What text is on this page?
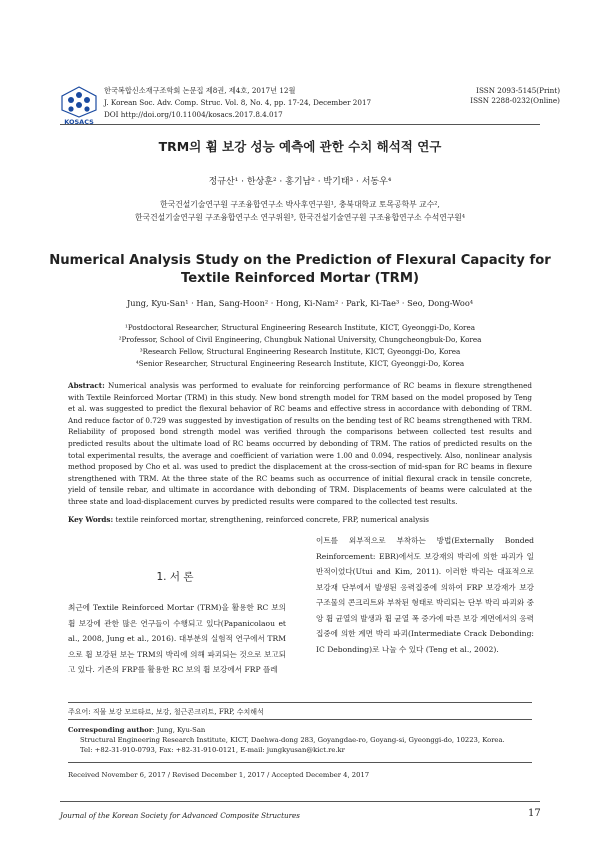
KOSACS
한국복합신소재구조학회 논문집 제8권, 제4호, 2017년 12월
J. Korean Soc. Adv. Comp. Struc. Vol. 8, No. 4, pp. 17-24, December 2017
DOI http://doi.org/10.11004/kosacs.2017.8.4.017
ISSN 2093-5145(Print)
ISSN 2288-0232(Online)
TRM의 휨 보강 성능 예측에 관한 수치 해석적 연구
정규산¹ · 한상훈² · 홍기남² · 박기태³ · 서동우⁴
한국건설기술연구원 구조융합연구소 박사후연구원¹, 충북대학교 토목공학부 교수²,
한국건설기술연구원 구조융합연구소 연구위원³, 한국건설기술연구원 구조융합연구소 수석연구원⁴
Numerical Analysis Study on the Prediction of Flexural Capacity for
Textile Reinforced Mortar (TRM)
Jung, Kyu-San¹ · Han, Sang-Hoon² · Hong, Ki-Nam² · Park, Ki-Tae³ · Seo, Dong-Woo⁴
¹Postdoctoral Researcher, Structural Engineering Research Institute, KICT, Gyeonggi-Do, Korea
²Professor, School of Civil Engineering, Chungbuk National University, Chungcheongbuk-Do, Korea
³Research Fellow, Structural Engineering Research Institute, KICT, Gyeonggi-Do, Korea
⁴Senior Researcher, Structural Engineering Research Institute, KICT, Gyeonggi-Do, Korea
Abstract: Numerical analysis was performed to evaluate for reinforcing performance of RC beams in flexure strengthened with Textile Reinforced Mortar (TRM) in this study. New bond strength model for TRM based on the model proposed by Teng et al. was suggested to predict the flexural behavior of RC beams and effective stress in accordance with debonding of TRM. And reduce factor of 0.729 was suggested by investigation of results on the bending test of RC beams strengthened with TRM. Reliability of proposed bond strength model was verified through the comparisons between collected test results and predicted results about the ultimate load of RC beams occurred by debonding of TRM. The ratios of predicted results on the total experimental results, the average and coefficient of variation were 1.00 and 0.094, respectively. Also, nonlinear analysis method proposed by Cho et al. was used to predict the displacement at the cross-section of mid-span for RC beams in flexure strengthened with TRM. At the three state of the RC beams such as occurrence of initial flexural crack in tensile concrete, yield of tensile rebar, and ultimate in accordance with debonding of TRM. Displacements of beams were calculated at the three state and load-displacement curves by predicted results were compared to the collected test results.
Key Words: textile reinforced mortar, strengthening, reinforced concrete, FRP, numerical analysis
1. 서 론
최근에 Textile Reinforced Mortar (TRM)을 활용한 RC 보의 휨 보강에 관한 많은 연구들이 수행되고 있다(Papanicolaou et al., 2008, Jung et al., 2016). 대부분의 실험적 연구에서 TRM으로 휨 보강된 보는 TRM의 박리에 의해 파괴되는 것으로 보고되고 있다. 기존의 FRP를 활용한 RC 보의 휨 보강에서 FRP 플레
이트를 외부적으로 부착하는 방법(Externally Bonded Reinforcement: EBR)에서도 보강재의 박리에 의한 파괴가 일반적이었다(Utui and Kim, 2011). 이러한 박리는 대표적으로 보강재 단부에서 발생된 응력집중에 의하여 FRP 보강재가 보강 구조물의 콘크리트와 부착된 형태로 박리되는 단부 박리 파괴와 중앙 휨 균열의 발생과 휨 균열 폭 증가에 따른 보강 계면에서의 응력집중에 의한 계면 박리 파괴(Intermediate Crack Debonding: IC Debonding)로 나눌 수 있다 (Teng et al., 2002).
주요어: 직물 보강 모르타르, 보강, 철근콘크리트, FRP, 수치해석
Corresponding author: Jung, Kyu-San
Structural Engineering Research Institute, KICT, Daehwa-dong 283, Goyangdae-ro, Goyang-si, Gyeonggi-do, 10223, Korea.
Tel: +82-31-910-0793, Fax: +82-31-910-0121, E-mail: jungkyusan@kict.re.kr
Received November 6, 2017 / Revised December 1, 2017 / Accepted December 4, 2017
Journal of the Korean Society for Advanced Composite Structures	17
